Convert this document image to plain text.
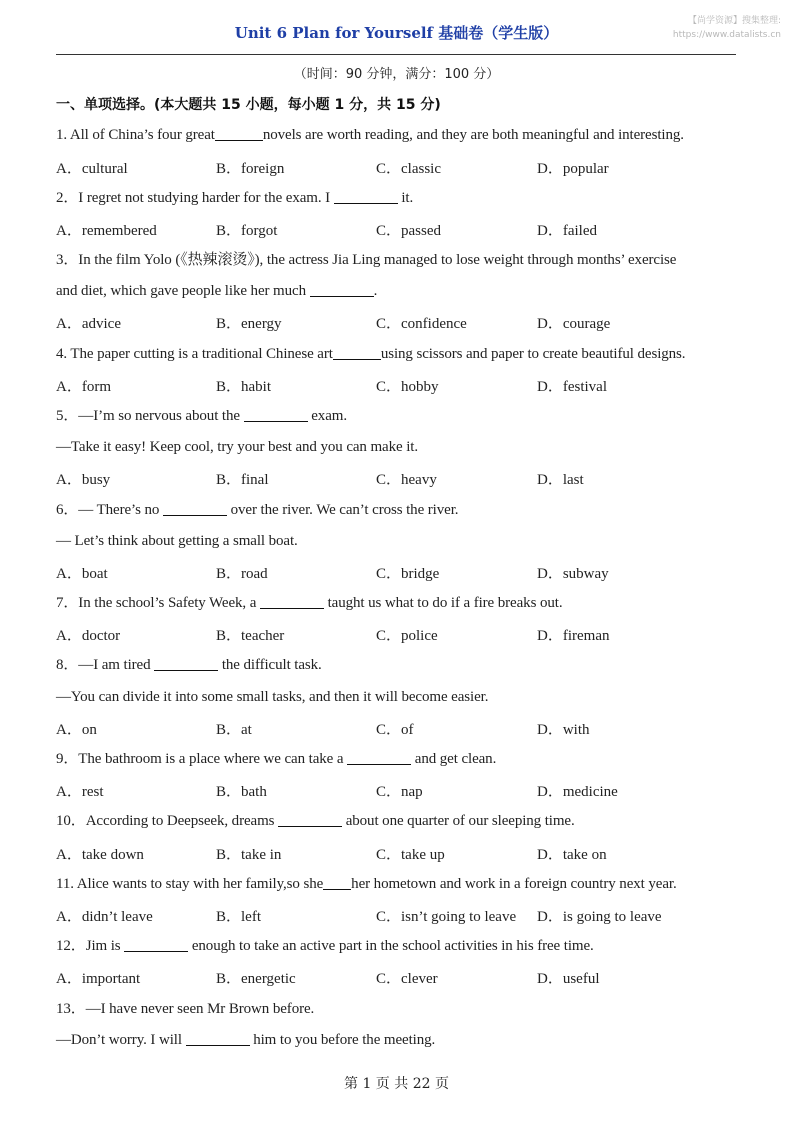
【尚学资源】搜集整理:
https://www.datalists.cn
Unit 6 Plan for Yourself 基础卷（学生版）
（时间：90 分钟，满分：100 分）
一、单项选择。(本大题共 15 小题，每小题 1 分，共 15 分)
1. All of China’s four great	novels are worth reading, and they are both meaningful and interesting.
A．cultural	B．foreign	C．classic	D．popular
2．I regret not studying harder for the exam. I	it.
A．remembered	B．forgot	C．passed	D．failed
3．In the film Yolo (《热辣滚烫》), the actress Jia Ling managed to lose weight through months’ exercise
and diet, which gave people like her much	.
A．advice	B．energy	C．confidence	D．courage
4. The paper cutting is a traditional Chinese art	using scissors and paper to create beautiful designs.
A．form	B．habit	C．hobby	D．festival
5．—I’m so nervous about the	exam.
—Take it easy! Keep cool, try your best and you can make it.
A．busy	B．final	C．heavy	D．last
6．— There’s no	over the river. We can’t cross the river.
— Let’s think about getting a small boat.
A．boat	B．road	C．bridge	D．subway
7．In the school’s Safety Week, a	taught us what to do if a fire breaks out.
A．doctor	B．teacher	C．police	D．fireman
8．—I am tired	the difficult task.
—You can divide it into some small tasks, and then it will become easier.
A．on	B．at	C．of	D．with
9．The bathroom is a place where we can take a	and get clean.
A．rest	B．bath	C．nap	D．medicine
10．According to Deepseek, dreams	about one quarter of our sleeping time.
A．take down	B．take in	C．take up	D．take on
11. Alice wants to stay with her family,so she her hometown and work in a foreign country next year.
A．didn’t leave	B．left	C．isn’t going to leave D．is going to leave
12．Jim is	enough to take an active part in the school activities in his free time.
A．important	B．energetic	C．clever	D．useful
13．—I have never seen Mr Brown before.
—Don’t worry. I will	him to you before the meeting.
第 1 页 共 22 页
